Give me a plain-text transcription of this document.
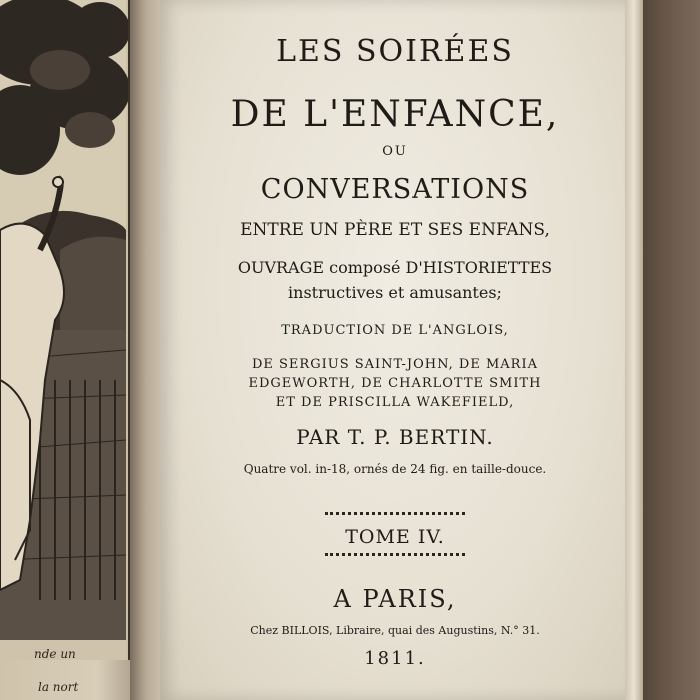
nde un
la nort
LES SOIRÉES
DE L'ENFANCE,
OU
CONVERSATIONS
ENTRE UN PÈRE ET SES ENFANS,
OUVRAGE composé D'HISTORIETTES
instructives et amusantes;
TRADUCTION DE L'ANGLOIS,
DE SERGIUS SAINT-JOHN, DE MARIA
EDGEWORTH, DE CHARLOTTE SMITH
ET DE PRISCILLA WAKEFIELD,
PAR T. P. BERTIN.
Quatre vol. in-18, ornés de 24 fig. en taille-douce.
TOME IV.
A PARIS,
Chez BILLOIS, Libraire, quai des Augustins, N.° 31.
1811.
